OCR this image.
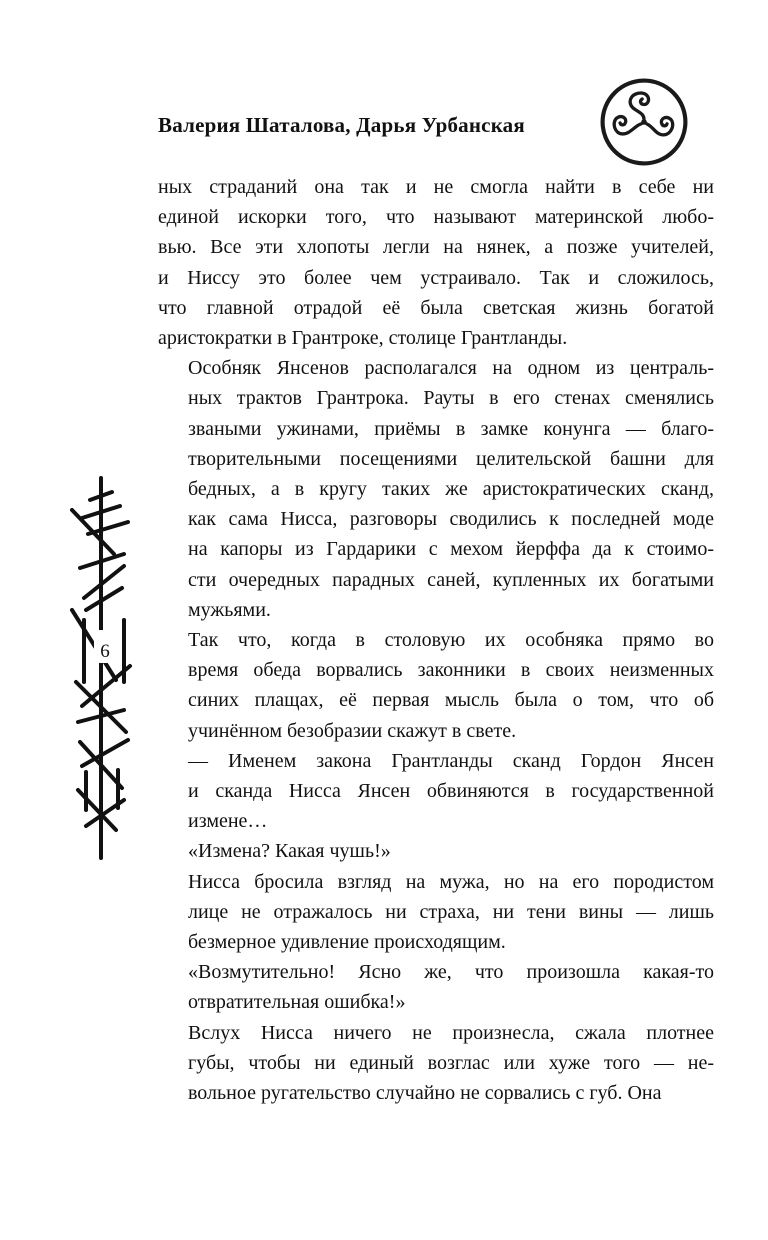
Валерия Шаталова, Дарья Урбанская
6

ных страданий она так и не смогла найти в себе ни
единой искорки того, что называют материнской любо-
вью. Все эти хлопоты легли на нянек, а позже учителей,
и Ниссу это более чем устраивало. Так и сложилось,
что главной отрадой её была светская жизнь богатой
аристократки в Грантроке, столице Грантланды.

Особняк Янсенов располагался на одном из централь-
ных трактов Грантрока. Рауты в его стенах сменялись
зваными ужинами, приёмы в замке конунга — благо-
творительными посещениями целительской башни для
бедных, а в кругу таких же аристократических сканд,
как сама Нисса, разговоры сводились к последней моде
на капоры из Гардарики с мехом йерффа да к стоимо-
сти очередных парадных саней, купленных их богатыми
мужьями.

Так что, когда в столовую их особняка прямо во
время обеда ворвались законники в своих неизменных
синих плащах, её первая мысль была о том, что об
учинённом безобразии скажут в свете.

— Именем закона Грантланды сканд Гордон Янсен
и сканда Нисса Янсен обвиняются в государственной
измене…

«Измена? Какая чушь!»

Нисса бросила взгляд на мужа, но на его породистом
лице не отражалось ни страха, ни тени вины — лишь
безмерное удивление происходящим.

«Возмутительно! Ясно же, что произошла какая-то
отвратительная ошибка!»

Вслух Нисса ничего не произнесла, сжала плотнее
губы, чтобы ни единый возглас или хуже того — не-
вольное ругательство случайно не сорвались с губ. Она
